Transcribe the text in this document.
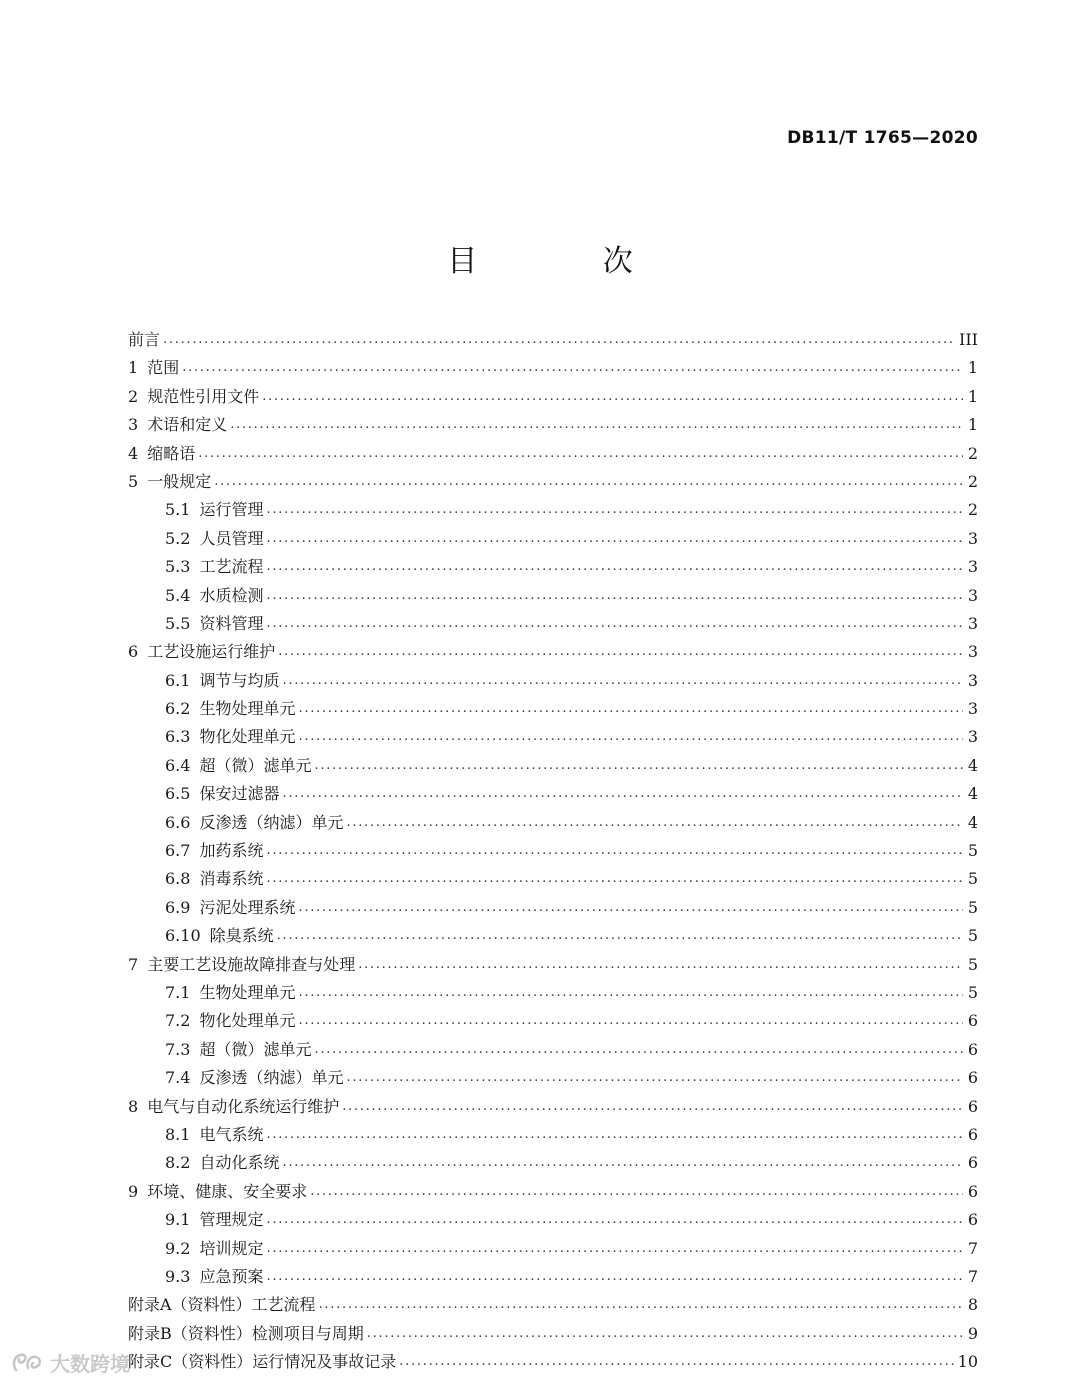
DB11/T 1765—2020
目 次
前言 . . .	III
1 范围 . . .	1
2 规范性引用文件 . . .	1
3 术语和定义 . . .	1
4 缩略语 . . .	2
5 一般规定 . . .	2
5.1 运行管理 . . .	2
5.2 人员管理 . . .	3
5.3 工艺流程 . . .	3
5.4 水质检测 . . .	3
5.5 资料管理 . . .	3
6 工艺设施运行维护 . . .	3
6.1 调节与均质 . . .	3
6.2 生物处理单元 . . .	3
6.3 物化处理单元 . . .	3
6.4 超（微）滤单元 . . .	4
6.5 保安过滤器 . . .	4
6.6 反渗透（纳滤）单元 . . .	4
6.7 加药系统 . . .	5
6.8 消毒系统 . . .	5
6.9 污泥处理系统 . . .	5
6.10 除臭系统 . . .	5
7 主要工艺设施故障排查与处理 . . .	5
7.1 生物处理单元 . . .	5
7.2 物化处理单元 . . .	6
7.3 超（微）滤单元 . . .	6
7.4 反渗透（纳滤）单元 . . .	6
8 电气与自动化系统运行维护 . . .	6
8.1 电气系统 . . .	6
8.2 自动化系统 . . .	6
9 环境、健康、安全要求 . . .	6
9.1 管理规定 . . .	6
9.2 培训规定 . . .	7
9.3 应急预案 . . .	7
附录A（资料性）工艺流程 . . .	8
附录B（资料性）检测项目与周期 . . .	9
附录C（资料性）运行情况及事故记录 . . .	10
大数跨境
